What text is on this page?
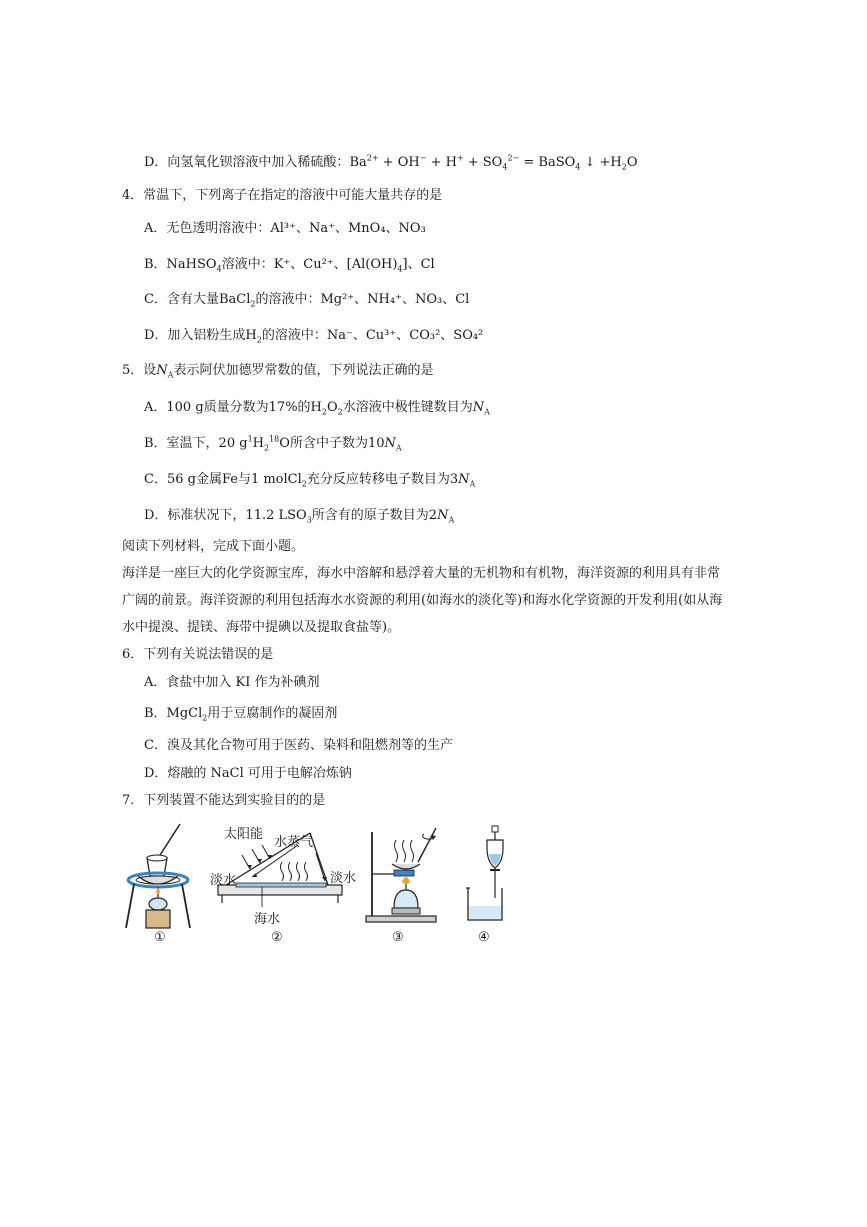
D．向氢氧化钡溶液中加入稀硫酸：$Ba^{2+} + OH^- + H^+ + SO_4^{2-}$ = BaSO$_4$ ↓ $+H_2O$
4．常温下，下列离子在指定的溶液中可能大量共存的是
A．无色透明溶液中：Al³⁺、Na⁺、MnO₄、NO₃
B．NaHSO$_4$溶液中：K⁺、Cu²⁺、$[Al(OH)_4]$、Cl
C．含有大量BaCl$_2$的溶液中：Mg²⁺、NH₄⁺、NO₃、Cl
D．加入铝粉生成$H_2$的溶液中：Na⁻、Cu³⁺、CO₃²、SO₄²
5．设$N_A$表示阿伏加德罗常数的值，下列说法正确的是
A．100 g质量分数为17%的$H_2O_2$水溶液中极性键数目为$N_A$
B．室温下，20 $g^1H_2^{18}O$所含中子数为$10N_A$
C．56 g金属Fe与1 molCl$_2$充分反应转移电子数目为$3N_A$
D．标准状况下，11.2 $LSO_3$所含有的原子数目为$2N_A$
阅读下列材料，完成下面小题。
海洋是一座巨大的化学资源宝库，海水中溶解和悬浮着大量的无机物和有机物，海洋资源的利用具有非常
广阔的前景。海洋资源的利用包括海水水资源的利用(如海水的淡化等)和海水化学资源的开发利用(如从海
水中提溴、提镁、海带中提碘以及提取食盐等)。
6．下列有关说法错误的是
A．食盐中加入 KI 作为补碘剂
B．MgCl$_2$用于豆腐制作的凝固剂
C．溴及其化合物可用于医药、染料和阻燃剂等的生产
D．熔融的 NaCl 可用于电解冶炼钠
7．下列装置不能达到实验目的的是
太阳能
水蒸气
淡水	淡水
海水
①	②	③	④
